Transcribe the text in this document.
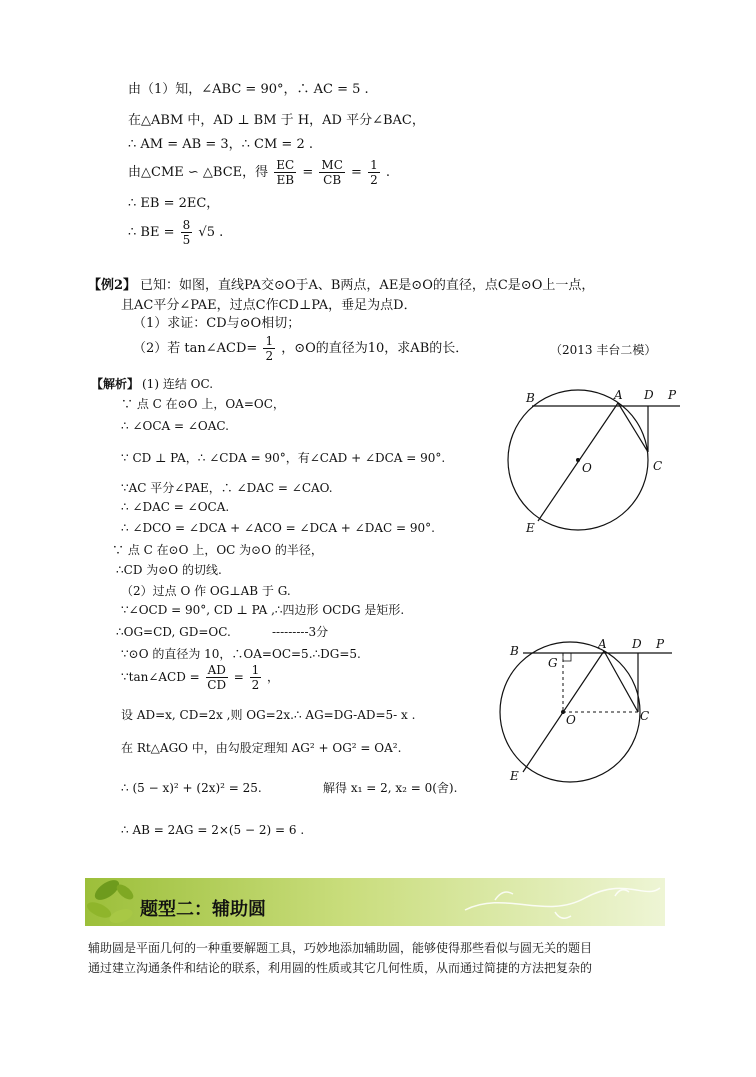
由（1）知，∠ABC = 90°，∴ AC = 5 .
在△ABM 中，AD ⊥ BM 于 H，AD 平分∠BAC，
∴ AM = AB = 3，∴ CM = 2 .
由△CME ∽ △BCE，得 $\frac{EC}{EB} = \frac{MC}{CB} = \frac{1}{2}$ .
∴ EB = 2EC，
∴ BE = $\frac{8}{5} √5$ .
【例2】 已知：如图，直线PA交⊙O于A、B两点，AE是⊙O的直径，点C是⊙O上一点，
且AC平分∠PAE，过点C作CD⊥PA，垂足为点D．
（1）求证：CD与⊙O相切；
（2）若 tan∠ACD= $\frac{1}{2}$ ，⊙O的直径为10，求AB的长．	（2013 丰台二模）
【解析】 (1) 连结 OC.
∵ 点 C 在⊙O 上，OA=OC，
∴ ∠OCA = ∠OAC.
∵ CD ⊥ PA，∴ ∠CDA = 90°，有∠CAD + ∠DCA = 90°.
∵AC 平分∠PAE，∴ ∠DAC = ∠CAO.
∴ ∠DAC = ∠OCA.
∴ ∠DCO = ∠DCA + ∠ACO = ∠DCA + ∠DAC = 90°.
∵ 点 C 在⊙O 上，OC 为⊙O 的半径，
∴CD 为⊙O 的切线.
（2）过点 O 作 OG⊥AB 于 G.
∵∠OCD = 90°, CD ⊥ PA ,∴四边形 OCDG 是矩形.
∴OG=CD, GD=OC.	---------3分
∵⊙O 的直径为 10，∴OA=OC=5.∴DG=5.
∵tan∠ACD = $\frac{AD}{CD} = \frac{1}{2}$ ，
设 AD=x, CD=2x ,则 OG=2x.∴ AG=DG-AD=5- x .
在 Rt△AGO 中，由勾股定理知 AG² + OG² = OA².
∴ (5 − x)² + (2x)² = 25.	解得 x₁ = 2, x₂ = 0(舍).
∴ AB = 2AG = 2×(5 − 2) = 6 .
B	A D P
O	C
E
B
G
A D P
O	C
E
题型二：辅助圆
辅助圆是平面几何的一种重要解题工具，巧妙地添加辅助圆，能够使得那些看似与圆无关的题目
通过建立沟通条件和结论的联系，利用圆的性质或其它几何性质，从而通过简捷的方法把复杂的
